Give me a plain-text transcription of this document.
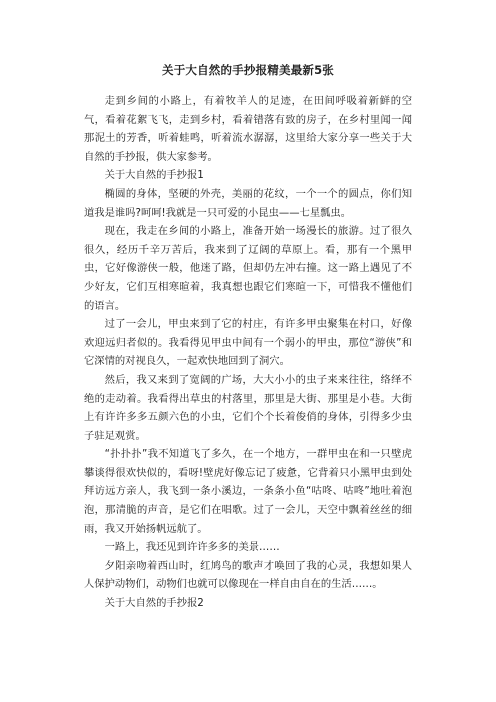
关于大自然的手抄报精美最新5张

走到乡间的小路上，有着牧羊人的足迹，在田间呼吸着新鲜的空气，看着花絮飞飞，走到乡村，看着错落有致的房子，在乡村里闻一闻那泥土的芳香，听着蛙鸣，听着流水潺潺，这里给大家分享一些关于大自然的手抄报，供大家参考。

关于大自然的手抄报1

椭圆的身体，坚硬的外壳，美丽的花纹，一个一个的圆点，你们知道我是谁吗?呵呵!我就是一只可爱的小昆虫——七星瓢虫。

现在，我走在乡间的小路上，准备开始一场漫长的旅游。过了很久很久，经历千辛万苦后，我来到了辽阔的草原上。看，那有一个黑甲虫，它好像游侠一般，他迷了路，但却仍左冲右撞。这一路上遇见了不少好友，它们互相寒暄着，我真想也跟它们寒暄一下，可惜我不懂他们的语言。

过了一会儿，甲虫来到了它的村庄，有许多甲虫聚集在村口，好像欢迎远归者似的。我看得见甲虫中间有一个弱小的甲虫，那位“游侠”和它深情的对视良久，一起欢快地回到了洞穴。

然后，我又来到了宽阔的广场，大大小小的虫子来来往往，络绎不绝的走动着。我看得出草虫的村落里，那里是大街、那里是小巷。大街上有许许多多五颜六色的小虫，它们个个长着俊俏的身体，引得多少虫子驻足观赏。

“扑扑扑”我不知道飞了多久，在一个地方，一群甲虫在和一只壁虎攀谈得很欢快似的，看呀!壁虎好像忘记了疲惫，它背着只小黑甲虫到处拜访远方亲人，我飞到一条小溪边，一条条小鱼“咕咚、咕咚”地吐着泡泡，那清脆的声音，是它们在唱歌。过了一会儿，天空中飘着丝丝的细雨，我又开始扬帆远航了。

一路上，我还见到许许多多的美景……

夕阳亲吻着西山时，红鸠鸟的歌声才唤回了我的心灵，我想如果人人保护动物们，动物们也就可以像现在一样自由自在的生活……。

关于大自然的手抄报2
